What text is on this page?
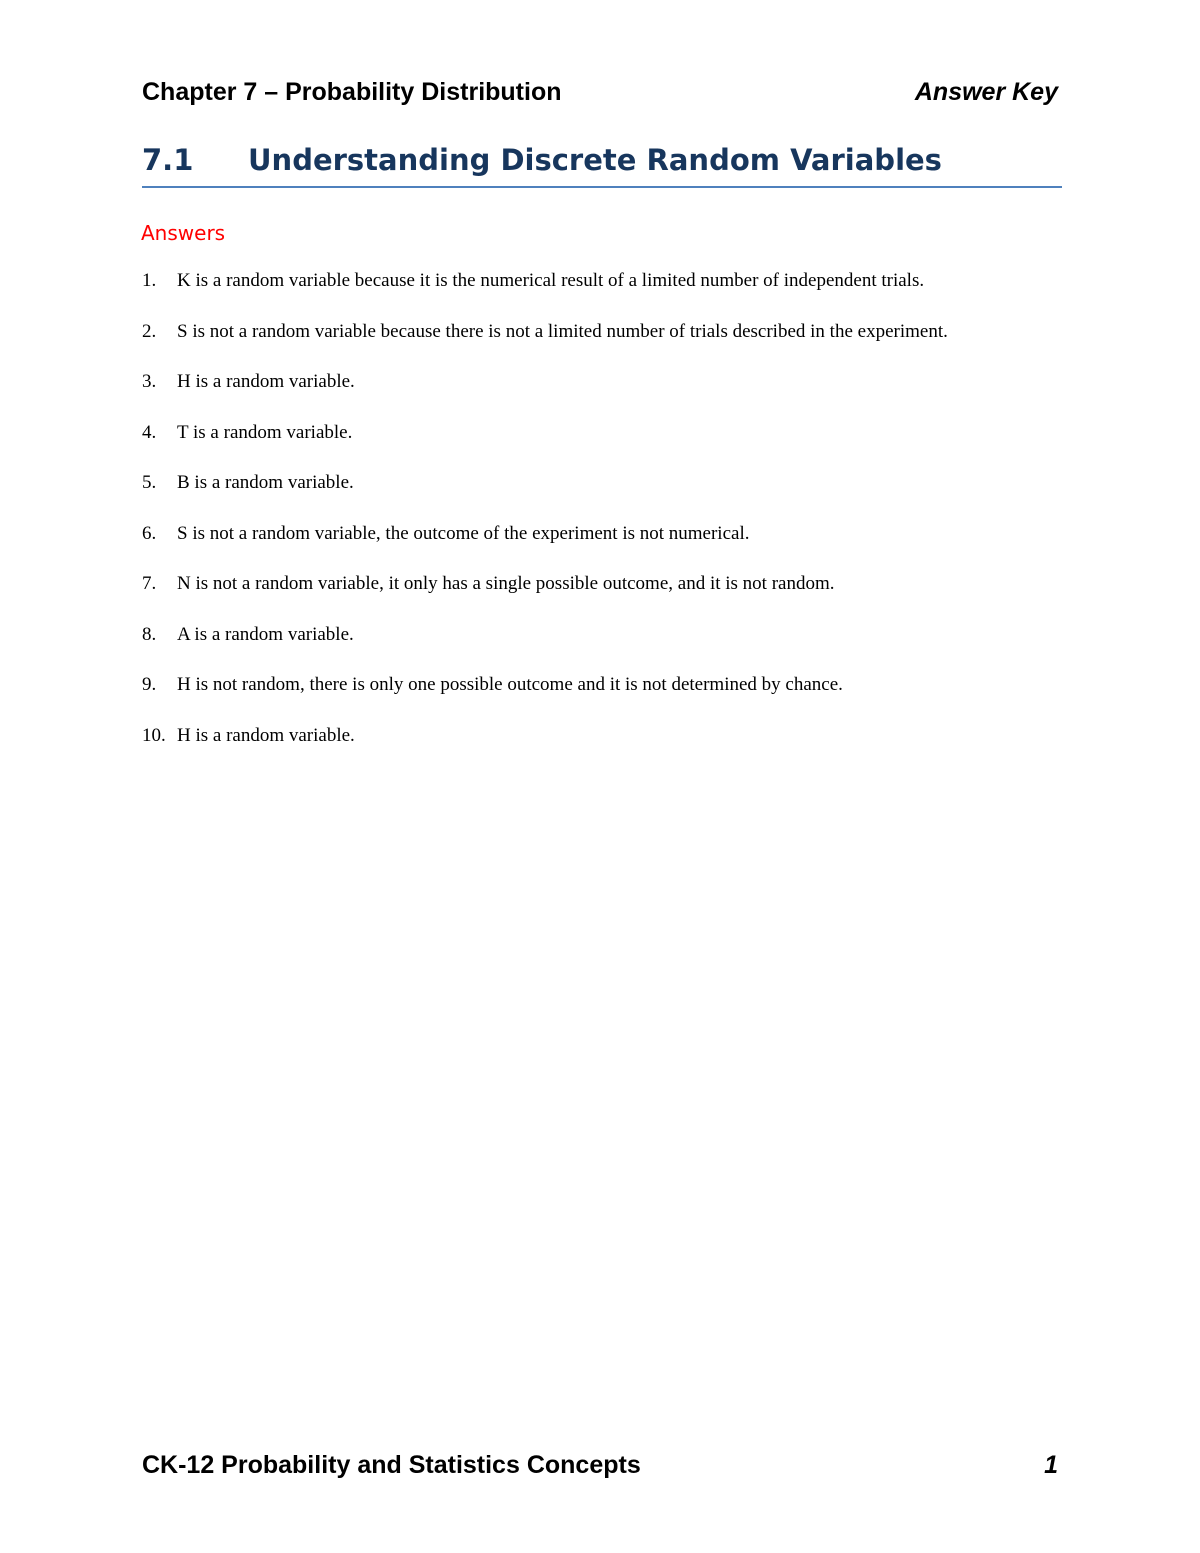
Chapter 7 – Probability Distribution	Answer Key
7.1	Understanding Discrete Random Variables
Answers
1.	K is a random variable because it is the numerical result of a limited number of independent trials.
2.	S is not a random variable because there is not a limited number of trials described in the experiment.
3.	H is a random variable.
4.	T is a random variable.
5.	B is a random variable.
6.	S is not a random variable, the outcome of the experiment is not numerical.
7.	N is not a random variable, it only has a single possible outcome, and it is not random.
8.	A is a random variable.
9.	H is not random, there is only one possible outcome and it is not determined by chance.
10. H is a random variable.
CK-12 Probability and Statistics Concepts	1
